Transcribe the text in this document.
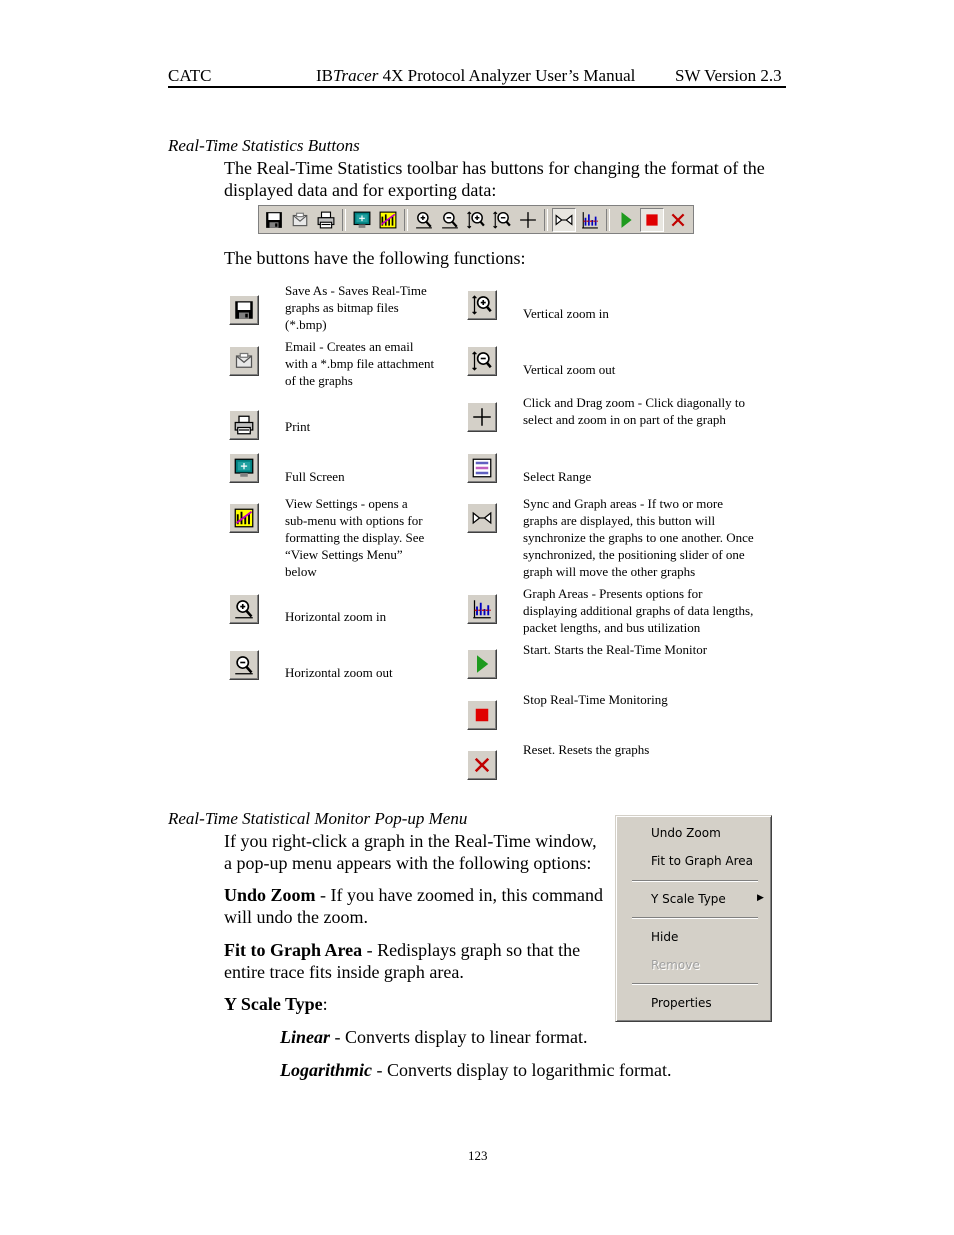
CATC	IBTracer 4X Protocol Analyzer User’s Manual SW Version 2.3
Real-Time Statistics Buttons
The Real-Time Statistics toolbar has buttons for changing the format of the
displayed data and for exporting data:
The buttons have the following functions:
Save As - Saves Real-Time
graphs as bitmap files
(*.bmp)
Email - Creates an email
with a *.bmp file attachment
of the graphs
Print
Full Screen
View Settings - opens a
sub-menu with options for
formatting the display. See
“View Settings Menu”
below
Horizontal zoom in
Horizontal zoom out
Vertical zoom in
Vertical zoom out
Click and Drag zoom - Click diagonally to
select and zoom in on part of the graph
Select Range
Sync and Graph areas - If two or more
graphs are displayed, this button will
synchronize the graphs to one another. Once
synchronized, the positioning slider of one
graph will move the other graphs
Graph Areas - Presents options for
displaying additional graphs of data lengths,
packet lengths, and bus utilization
Start. Starts the Real-Time Monitor
Stop Real-Time Monitoring
Reset. Resets the graphs
Real-Time Statistical Monitor Pop-up Menu
If you right-click a graph in the Real-Time window,
a pop-up menu appears with the following options:
Undo Zoom - If you have zoomed in, this command
will undo the zoom.
Fit to Graph Area - Redisplays graph so that the
entire trace fits inside graph area.
Y Scale Type:
Linear - Converts display to linear format.
Logarithmic - Converts display to logarithmic format.
Undo Zoom
Fit to Graph Area
Y Scale Type	▶
Hide
Remove
Properties
123
